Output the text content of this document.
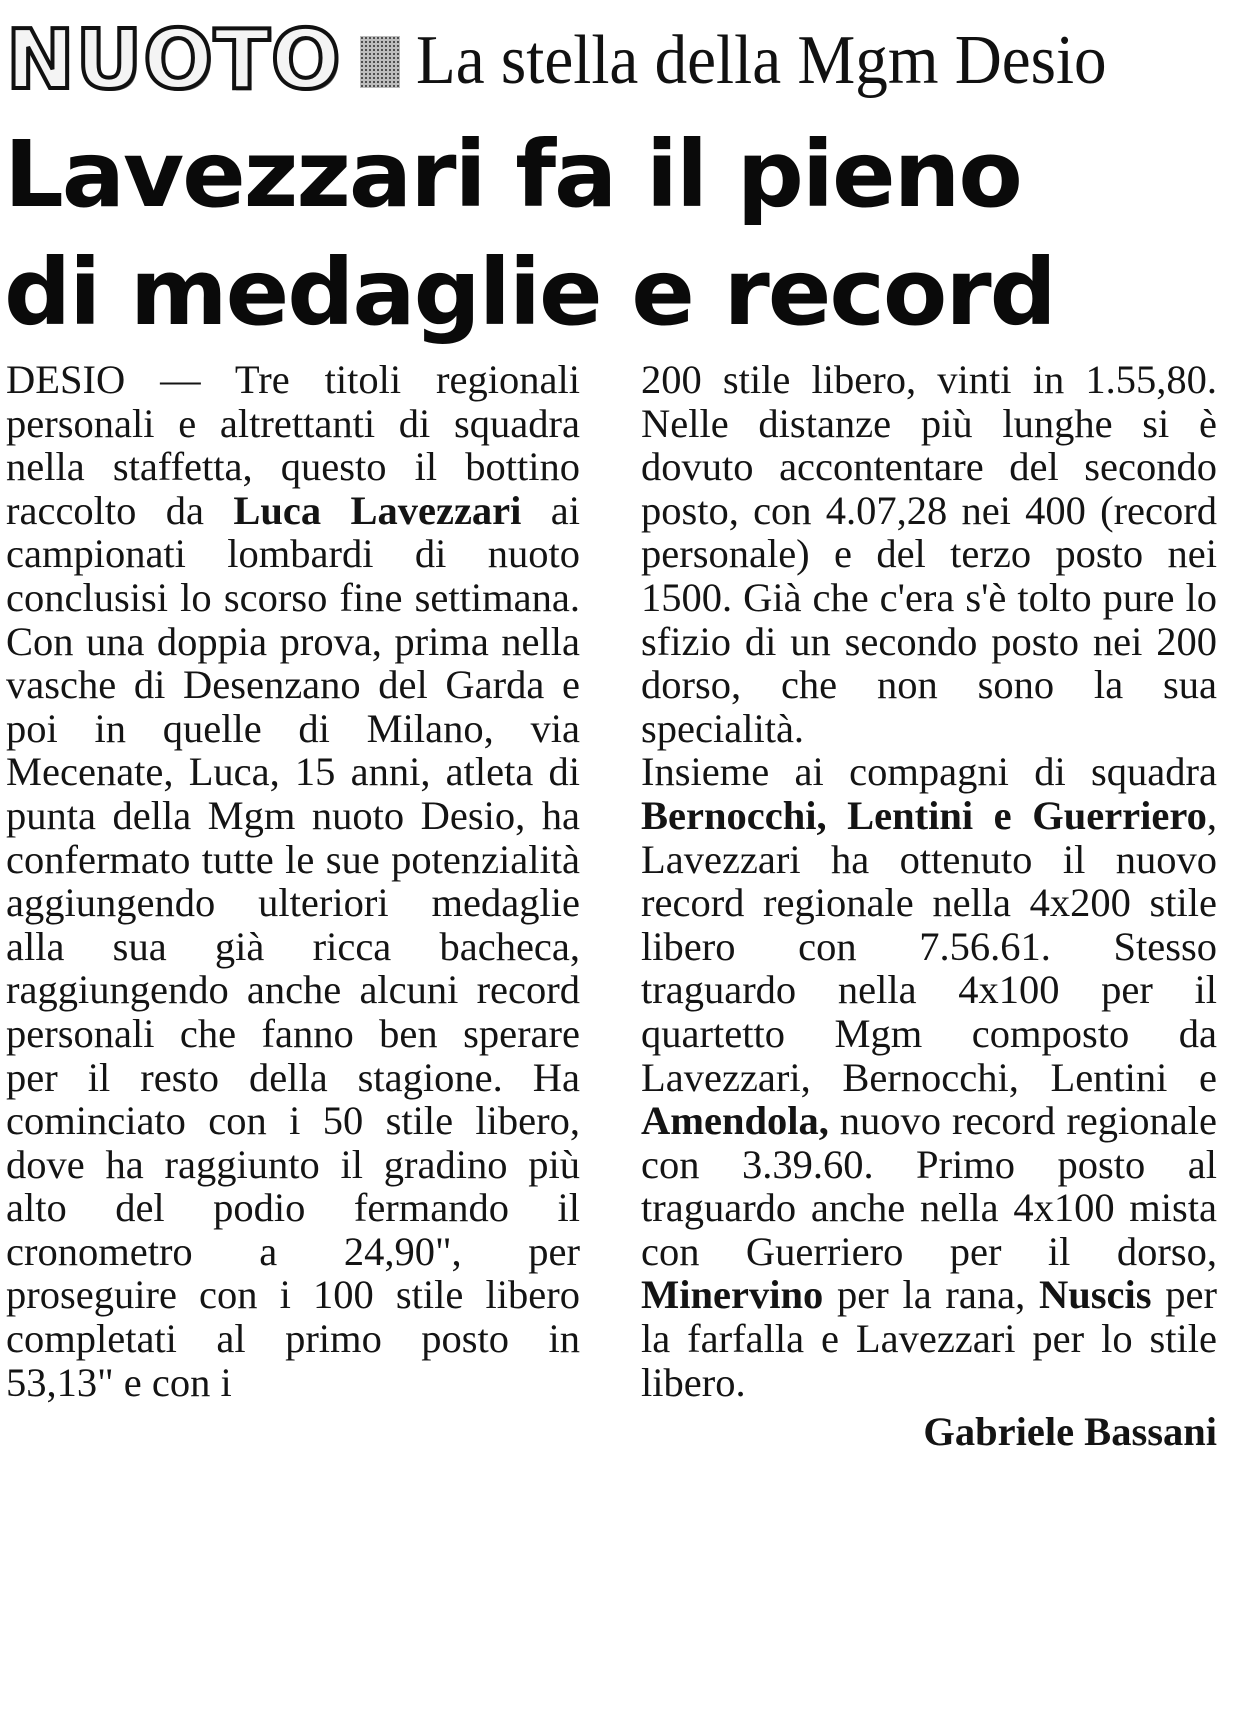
NUOTO La stella della Mgm Desio
Lavezzari fa il pieno
di medaglie e record

DESIO — Tre titoli regionali personali e altrettanti di squadra nella staffetta, questo il bottino raccolto da Luca Lavezzari ai campionati lombardi di nuoto conclusisi lo scorso fine settimana. Con una doppia prova, prima nella vasche di Desenzano del Garda e poi in quelle di Milano, via Mecenate, Luca, 15 anni, atleta di punta della Mgm nuoto Desio, ha confermato tutte le sue potenzialità aggiungendo ulteriori medaglie alla sua già ricca bacheca, raggiungendo anche alcuni record personali che fanno ben sperare per il resto della stagione. Ha cominciato con i 50 stile libero, dove ha raggiunto il gradino più alto del podio fermando il cronometro a 24,90", per proseguire con i 100 stile libero completati al primo posto in 53,13" e con i

200 stile libero, vinti in 1.55,80. Nelle distanze più lunghe si è dovuto accontentare del secondo posto, con 4.07,28 nei 400 (record personale) e del terzo posto nei 1500. Già che c'era s'è tolto pure lo sfizio di un secondo posto nei 200 dorso, che non sono la sua specialità.

Insieme ai compagni di squadra Bernocchi, Lentini e Guerriero, Lavezzari ha ottenuto il nuovo record regionale nella 4x200 stile libero con 7.56.61. Stesso traguardo nella 4x100 per il quartetto Mgm composto da Lavezzari, Bernocchi, Lentini e Amendola, nuovo record regionale con 3.39.60. Primo posto al traguardo anche nella 4x100 mista con Guerriero per il dorso, Minervino per la rana, Nuscis per la farfalla e Lavezzari per lo stile libero.

Gabriele Bassani
